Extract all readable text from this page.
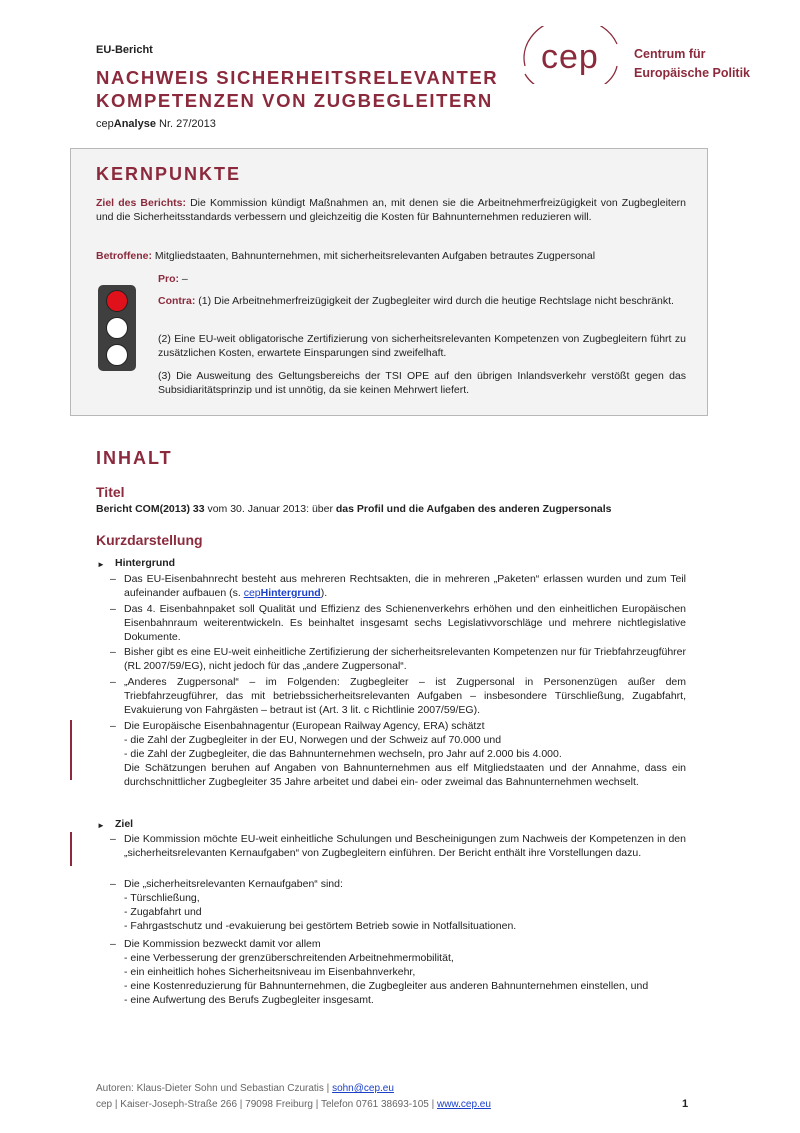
EU-Bericht
NACHWEIS SICHERHEITSRELEVANTER
KOMPETENZEN VON ZUGBEGLEITERN
cepAnalyse Nr. 27/2013
cep	Centrum für
Europäische Politik
KERNPUNKTE
Ziel des Berichts: Die Kommission kündigt Maßnahmen an, mit denen sie die Arbeitnehmerfreizügigkeit von Zugbegleitern und die Sicherheitsstandards verbessern und gleichzeitig die Kosten für Bahnunternehmen reduzieren will.
Betroffene: Mitgliedstaaten, Bahnunternehmen, mit sicherheitsrelevanten Aufgaben betrautes Zugpersonal
Pro: –
Contra: (1) Die Arbeitnehmerfreizügigkeit der Zugbegleiter wird durch die heutige Rechtslage nicht beschränkt.
(2) Eine EU-weit obligatorische Zertifizierung von sicherheitsrelevanten Kompetenzen von Zugbegleitern führt zu zusätzlichen Kosten, erwartete Einsparungen sind zweifelhaft.
(3) Die Ausweitung des Geltungsbereichs der TSI OPE auf den übrigen Inlandsverkehr verstößt gegen das Subsidiaritätsprinzip und ist unnötig, da sie keinen Mehrwert liefert.
INHALT
Titel
Bericht COM(2013) 33 vom 30. Januar 2013: über das Profil und die Aufgaben des anderen Zugpersonals
Kurzdarstellung
► Hintergrund
– Das EU-Eisenbahnrecht besteht aus mehreren Rechtsakten, die in mehreren „Paketen“ erlassen wurden und zum Teil aufeinander aufbauen (s. cepHintergrund).
– Das 4. Eisenbahnpaket soll Qualität und Effizienz des Schienenverkehrs erhöhen und den einheitlichen Europäischen Eisenbahnraum weiterentwickeln. Es beinhaltet insgesamt sechs Legislativvorschläge und mehrere nichtlegislative Dokumente.
– Bisher gibt es eine EU-weit einheitliche Zertifizierung der sicherheitsrelevanten Kompetenzen nur für Triebfahrzeugführer (RL 2007/59/EG), nicht jedoch für das „andere Zugpersonal“.
– „Anderes Zugpersonal“ – im Folgenden: Zugbegleiter – ist Zugpersonal in Personenzügen außer dem Triebfahrzeugführer, das mit betriebssicherheitsrelevanten Aufgaben – insbesondere Türschließung, Zugabfahrt, Evakuierung von Fahrgästen – betraut ist (Art. 3 lit. c Richtlinie 2007/59/EG).
– Die Europäische Eisenbahnagentur (European Railway Agency, ERA) schätzt
- die Zahl der Zugbegleiter in der EU, Norwegen und der Schweiz auf 70.000 und
- die Zahl der Zugbegleiter, die das Bahnunternehmen wechseln, pro Jahr auf 2.000 bis 4.000.
Die Schätzungen beruhen auf Angaben von Bahnunternehmen aus elf Mitgliedstaaten und der Annahme, dass ein durchschnittlicher Zugbegleiter 35 Jahre arbeitet und dabei ein- oder zweimal das Bahnunternehmen wechselt.
► Ziel
– Die Kommission möchte EU-weit einheitliche Schulungen und Bescheinigungen zum Nachweis der Kompetenzen in den „sicherheitsrelevanten Kernaufgaben“ von Zugbegleitern einführen. Der Bericht enthält ihre Vorstellungen dazu.
– Die „sicherheitsrelevanten Kernaufgaben“ sind:
- Türschließung,
- Zugabfahrt und
- Fahrgastschutz und -evakuierung bei gestörtem Betrieb sowie in Notfallsituationen.
– Die Kommission bezweckt damit vor allem
- eine Verbesserung der grenzüberschreitenden Arbeitnehmermobilität,
- ein einheitlich hohes Sicherheitsniveau im Eisenbahnverkehr,
- eine Kostenreduzierung für Bahnunternehmen, die Zugbegleiter aus anderen Bahnunternehmen einstellen, und
- eine Aufwertung des Berufs Zugbegleiter insgesamt.
Autoren: Klaus-Dieter Sohn und Sebastian Czuratis | sohn@cep.eu
cep | Kaiser-Joseph-Straße 266 | 79098 Freiburg | Telefon 0761 38693-105 | www.cep.eu	1
